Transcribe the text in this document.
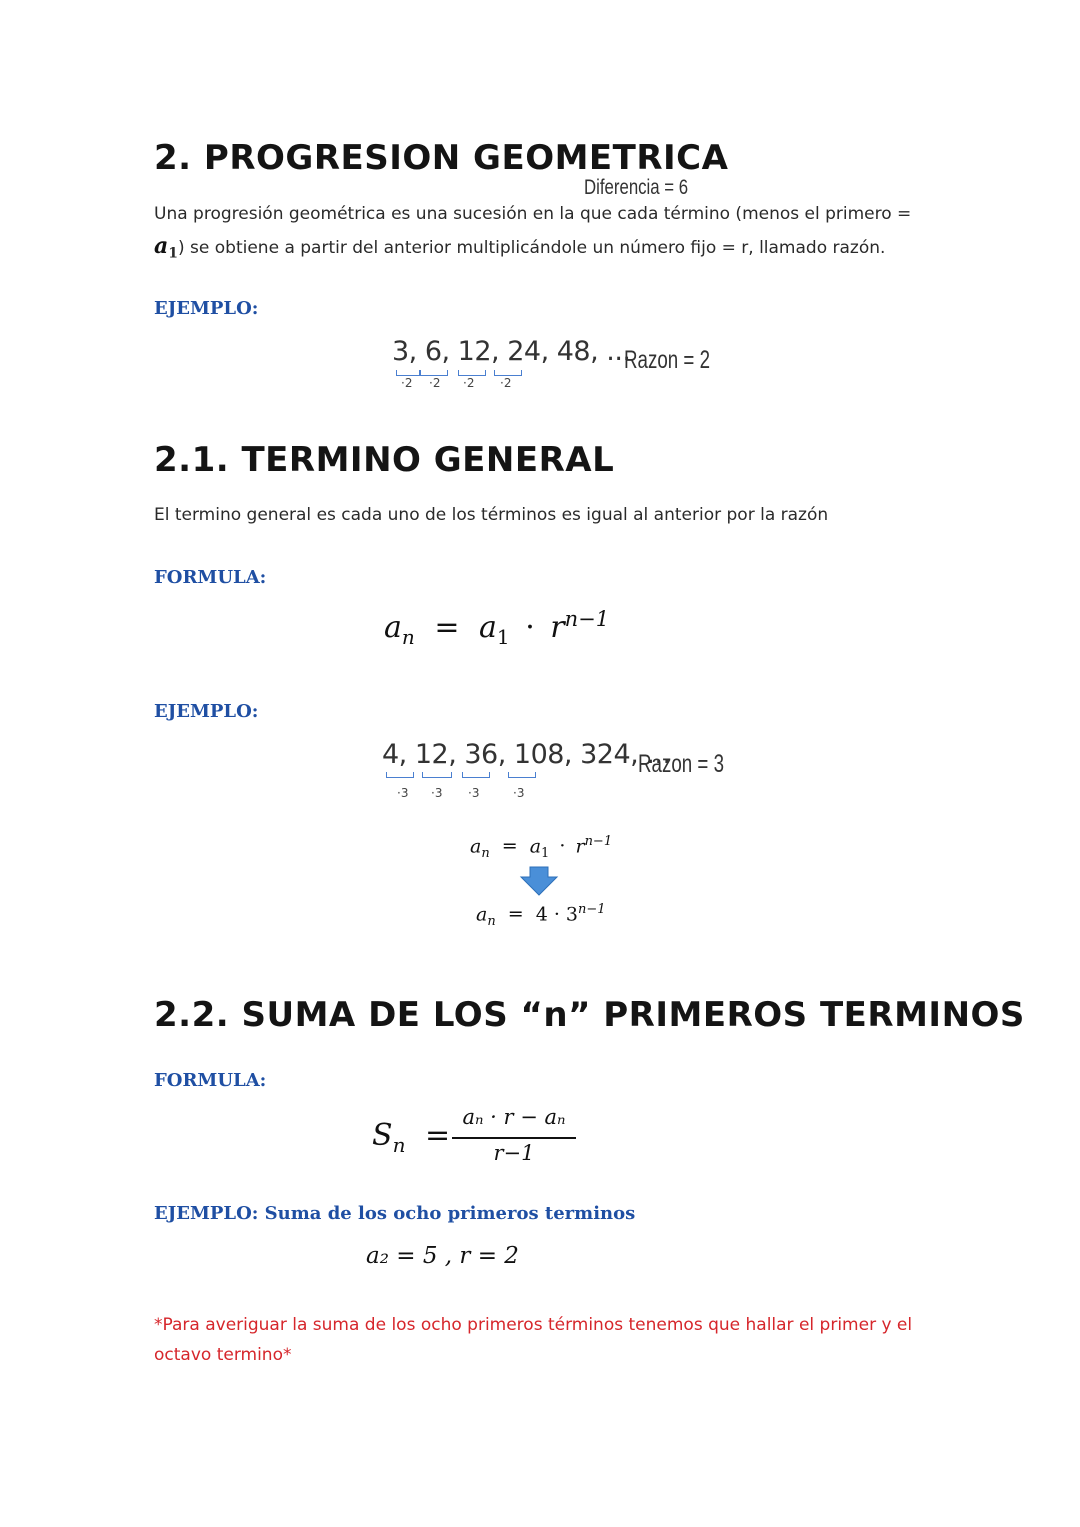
2. PROGRESION GEOMETRICA
Diferencia = 6
Una progresión geométrica es una sucesión en la que cada término (menos el primero =
$a_1$) se obtiene a partir del anterior multiplicándole un número fijo = r, llamado razón.
EJEMPLO:
3, 6, 12, 24, 48, ...
·2 ·2 ·2 ·2
Razon = 2
2.1. TERMINO GENERAL
El termino general es cada uno de los términos es igual al anterior por la razón
FORMULA:
$a_n = a_1 \cdot r^{n-1}$
EJEMPLO:
4, 12, 36, 108, 324, ...
·3 ·3 ·3	·3
Razon = 3
$a_n = a_1 \cdot r^{n-1}$
$a_n = 4 \cdot 3^{n-1}$
2.2. SUMA DE LOS “n” PRIMEROS TERMINOS
FORMULA:
$S_n$ =
aₙ · r − aₙ
r−1
EJEMPLO: Suma de los ocho primeros terminos
a₂ = 5 , r = 2
*Para averiguar la suma de los ocho primeros términos tenemos que hallar el primer y el octavo termino*
